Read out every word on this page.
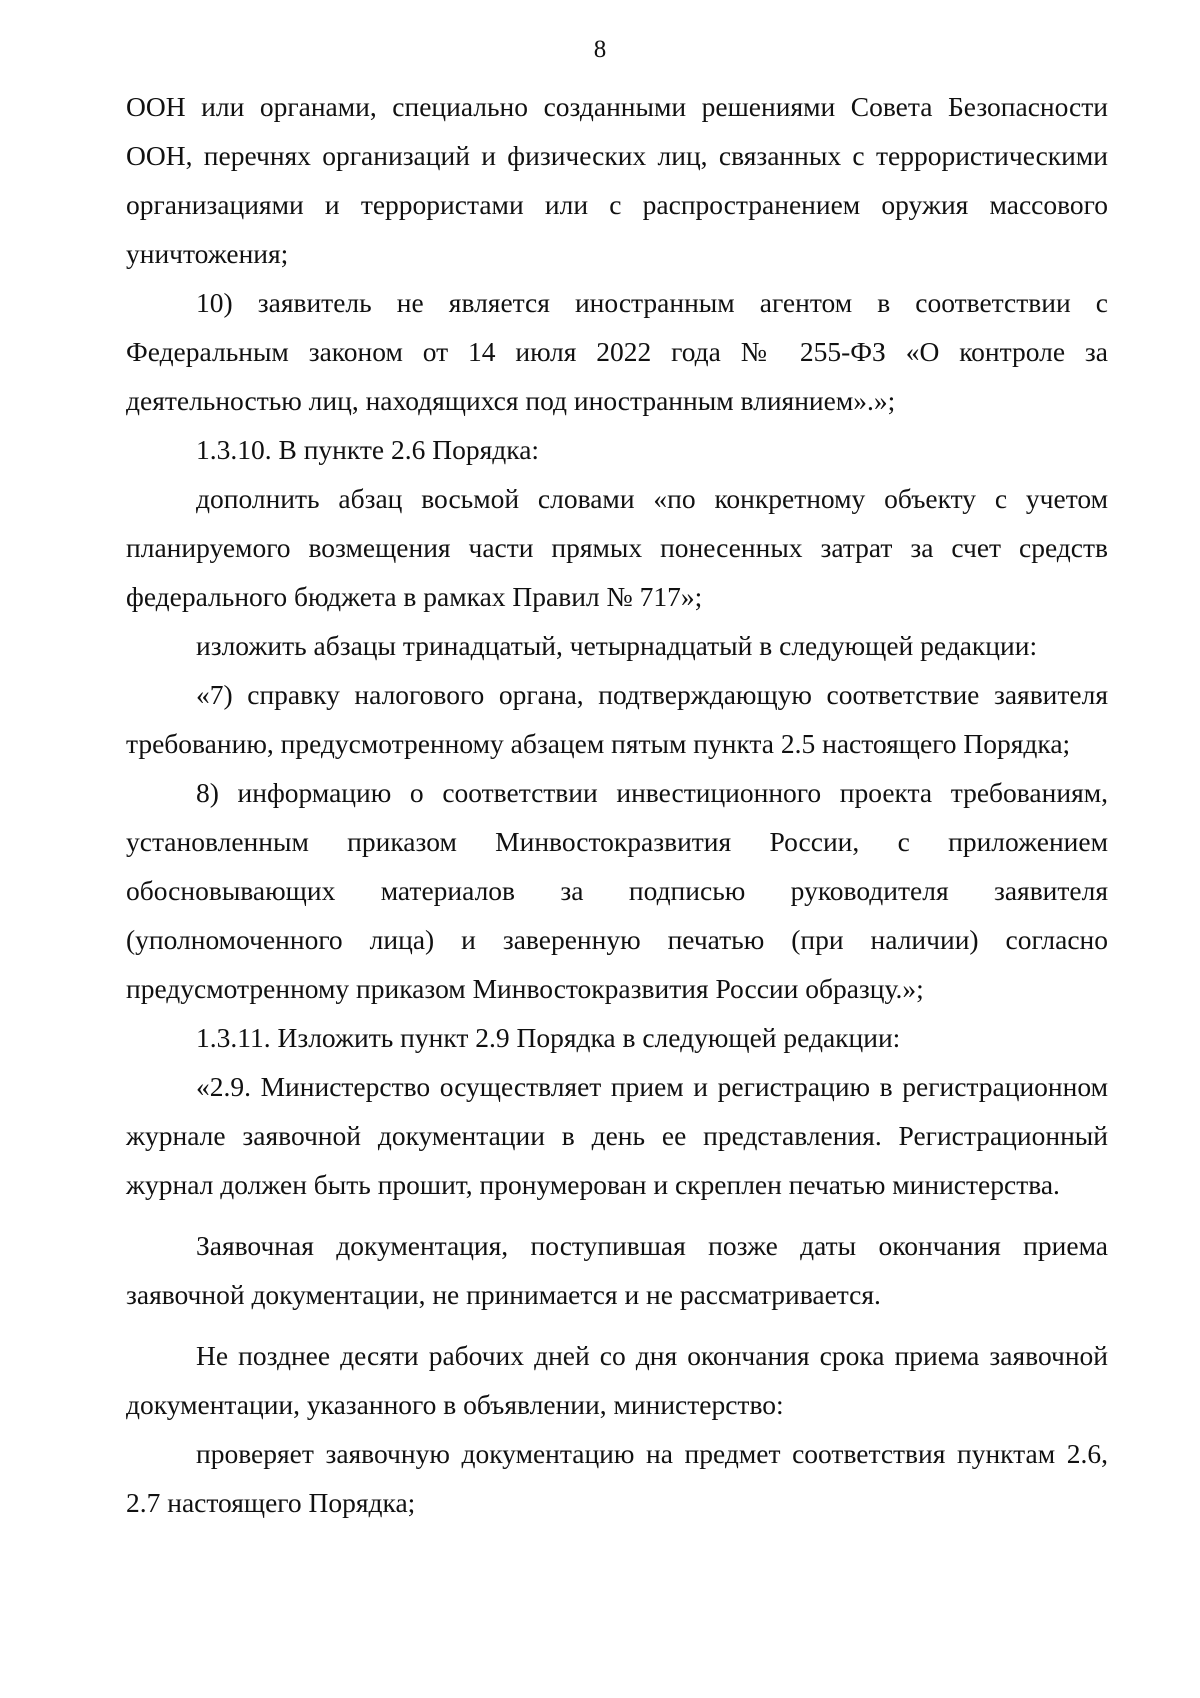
8

ООН или органами, специально созданными решениями Совета Безопасности ООН, перечнях организаций и физических лиц, связанных с террористическими организациями и террористами или с распространением оружия массового уничтожения;

10) заявитель не является иностранным агентом в соответствии с Федеральным законом от 14 июля 2022 года № 255-ФЗ «О контроле за деятельностью лиц, находящихся под иностранным влиянием».»;

1.3.10. В пункте 2.6 Порядка:

дополнить абзац восьмой словами «по конкретному объекту с учетом планируемого возмещения части прямых понесенных затрат за счет средств федерального бюджета в рамках Правил № 717»;

изложить абзацы тринадцатый, четырнадцатый в следующей редакции:

«7) справку налогового органа, подтверждающую соответствие заявителя требованию, предусмотренному абзацем пятым пункта 2.5 настоящего Порядка;

8) информацию о соответствии инвестиционного проекта требованиям, установленным приказом Минвостокразвития России, с приложением обосновывающих материалов за подписью руководителя заявителя (уполномоченного лица) и заверенную печатью (при наличии) согласно предусмотренному приказом Минвостокразвития России образцу.»;

1.3.11. Изложить пункт 2.9 Порядка в следующей редакции:

«2.9. Министерство осуществляет прием и регистрацию в регистрационном журнале заявочной документации в день ее представления. Регистрационный журнал должен быть прошит, пронумерован и скреплен печатью министерства.

Заявочная документация, поступившая позже даты окончания приема заявочной документации, не принимается и не рассматривается.

Не позднее десяти рабочих дней со дня окончания срока приема заявочной документации, указанного в объявлении, министерство:

проверяет заявочную документацию на предмет соответствия пунктам 2.6, 2.7 настоящего Порядка;
